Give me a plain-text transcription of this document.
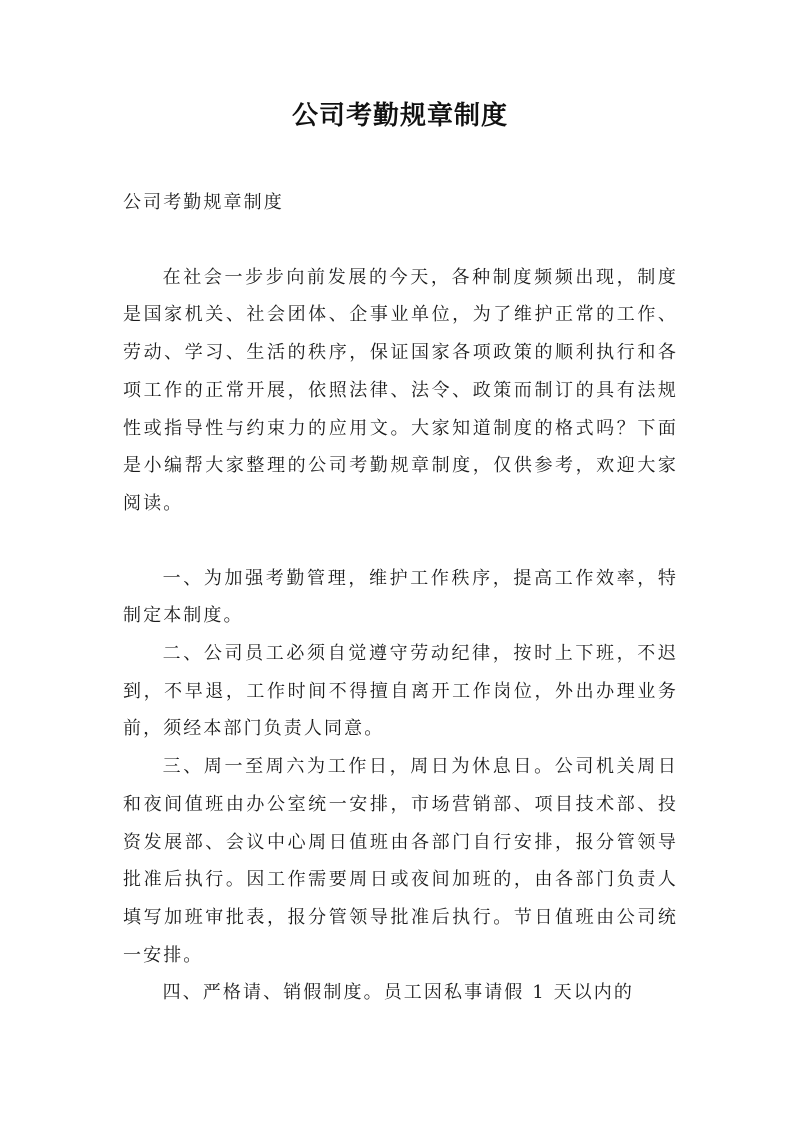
公司考勤规章制度

公司考勤规章制度

在社会一步步向前发展的今天，各种制度频频出现，制度是国家机关、社会团体、企事业单位，为了维护正常的工作、劳动、学习、生活的秩序，保证国家各项政策的顺利执行和各项工作的正常开展，依照法律、法令、政策而制订的具有法规性或指导性与约束力的应用文。大家知道制度的格式吗？下面是小编帮大家整理的公司考勤规章制度，仅供参考，欢迎大家阅读。

一、为加强考勤管理，维护工作秩序，提高工作效率，特制定本制度。

二、公司员工必须自觉遵守劳动纪律，按时上下班，不迟到，不早退，工作时间不得擅自离开工作岗位，外出办理业务前，须经本部门负责人同意。

三、周一至周六为工作日，周日为休息日。公司机关周日和夜间值班由办公室统一安排，市场营销部、项目技术部、投资发展部、会议中心周日值班由各部门自行安排，报分管领导批准后执行。因工作需要周日或夜间加班的，由各部门负责人填写加班审批表，报分管领导批准后执行。节日值班由公司统一安排。

四、严格请、销假制度。员工因私事请假 1 天以内的
